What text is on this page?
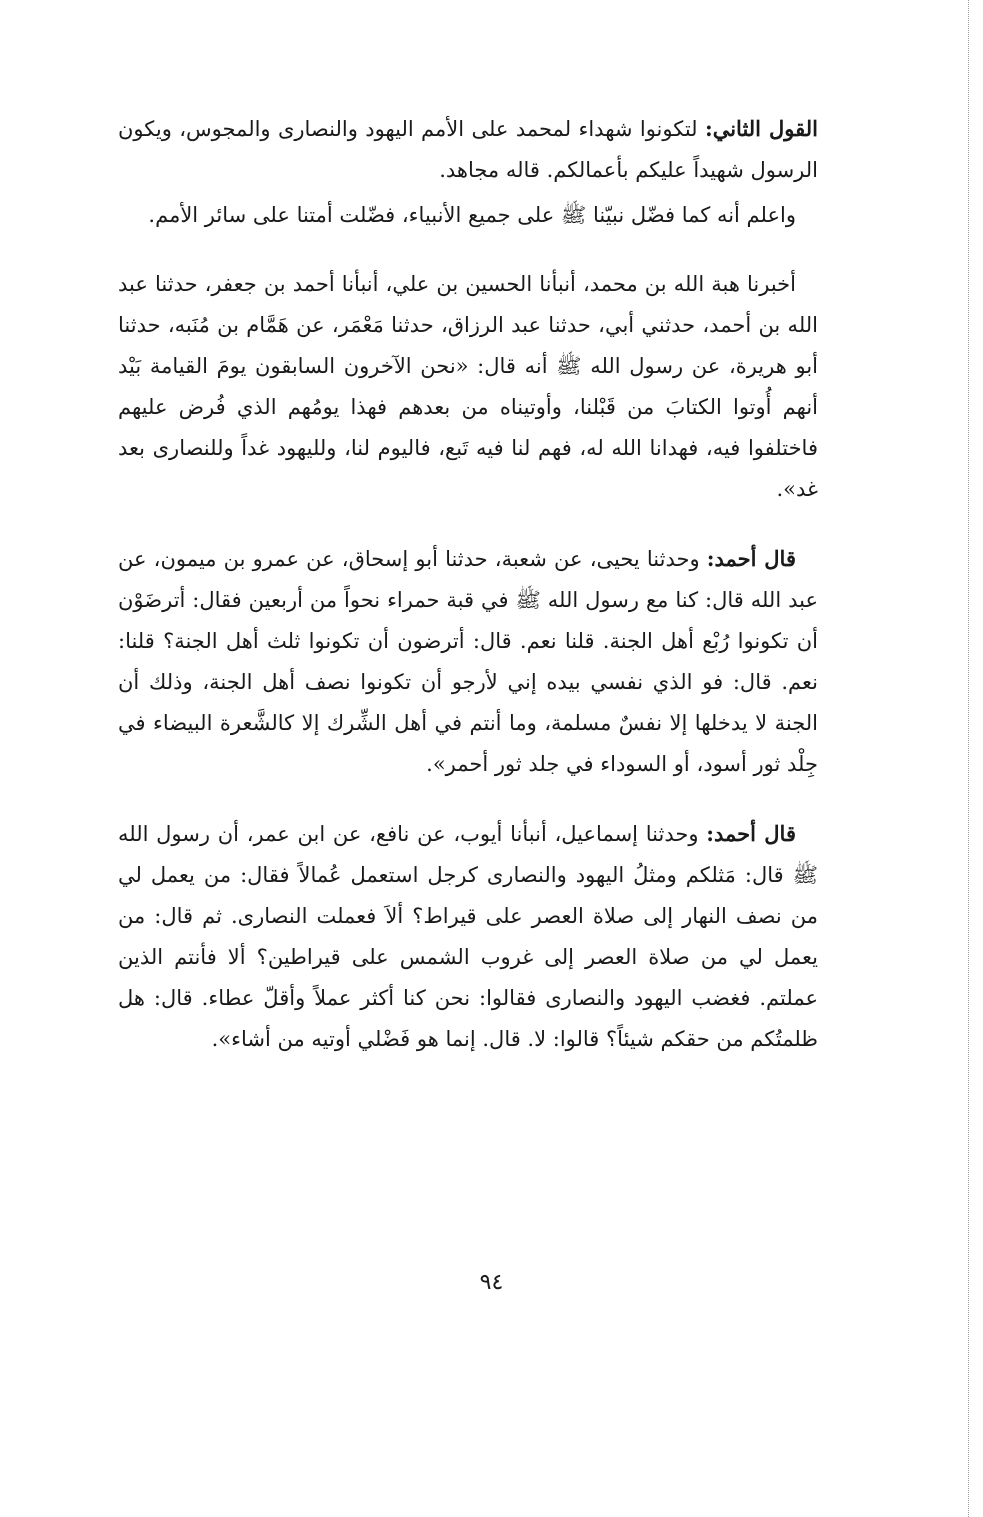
القول الثاني: لتكونوا شهداء لمحمد على الأمم اليهود والنصارى والمجوس، ويكون الرسول شهيداً عليكم بأعمالكم. قاله مجاهد.

واعلم أنه كما فضّل نبيّنا ﷺ على جميع الأنبياء، فضّلت أمتنا على سائر الأمم.

أخبرنا هبة الله بن محمد، أنبأنا الحسين بن علي، أنبأنا أحمد بن جعفر، حدثنا عبد الله بن أحمد، حدثني أبي، حدثنا عبد الرزاق، حدثنا مَعْمَر، عن هَمَّام بن مُنَبه، حدثنا أبو هريرة، عن رسول الله ﷺ أنه قال: «نحن الآخرون السابقون يومَ القيامة بَيْد أنهم أُوتوا الكتابَ من قَبْلنا، وأوتيناه من بعدهم فهذا يومُهم الذي فُرض عليهم فاختلفوا فيه، فهدانا الله له، فهم لنا فيه تَبع، فاليوم لنا، ولليهود غداً وللنصارى بعد غد».

قال أحمد: وحدثنا يحيى، عن شعبة، حدثنا أبو إسحاق، عن عمرو بن ميمون، عن عبد الله قال: كنا مع رسول الله ﷺ في قبة حمراء نحواً من أربعين فقال: أترضَوْن أن تكونوا رُبْع أهل الجنة. قلنا نعم. قال: أترضون أن تكونوا ثلث أهل الجنة؟ قلنا: نعم. قال: فو الذي نفسي بيده إني لأرجو أن تكونوا نصف أهل الجنة، وذلك أن الجنة لا يدخلها إلا نفسٌ مسلمة، وما أنتم في أهل الشِّرك إلا كالشَّعرة البيضاء في جِلْد ثور أسود، أو السوداء في جلد ثور أحمر».

قال أحمد: وحدثنا إسماعيل، أنبأنا أيوب، عن نافع، عن ابن عمر، أن رسول الله ﷺ قال: مَثلكم ومثلُ اليهود والنصارى كرجل استعمل عُمالاً فقال: من يعمل لي من نصف النهار إلى صلاة العصر على قيراط؟ ألاَ فعملت النصارى. ثم قال: من يعمل لي من صلاة العصر إلى غروب الشمس على قيراطين؟ ألا فأنتم الذين عملتم. فغضب اليهود والنصارى فقالوا: نحن كنا أكثر عملاً وأقلّ عطاء. قال: هل ظلمتُكم من حقكم شيئاً؟ قالوا: لا. قال. إنما هو فَضْلي أوتيه من أشاء».

٩٤
